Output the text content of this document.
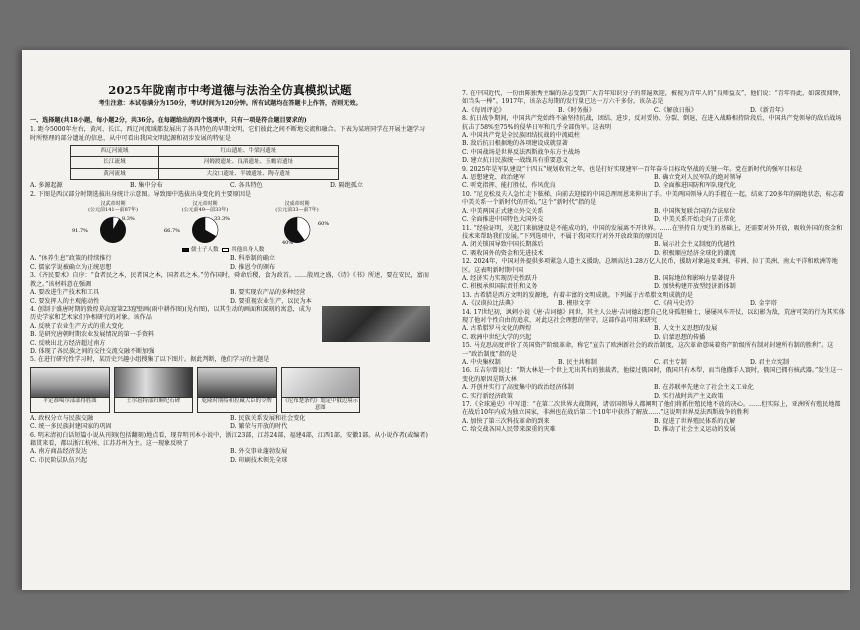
2025年陇南市中考道德与法治全仿真模拟试题
考生注意：本试卷满分为150分，考试时间为120分钟。所有试题均在答题卡上作答，否则无效。
一、选择题(共18小题，每小题2分，共36分。在每题给出的四个选项中，只有一项是符合题目要求的)
1. 距今5000年左右，黄河、长江、西辽河流域都发展出了各具特色的早期文明，它们彼此之间不断地交流和融合。下表为某班同学在开展主题学习时所整理的部分遗址的信息，从中可看出我国文明起源和初步发展的特征是
西辽河流域	红山遗址、牛梁河遗址
长江流域	河姆渡遗址、良渚遗址、玉蟾岩遗址
黄河流域	大汶口遗址、半坡遗址、陶寺遗址
A. 多源起源	B. 集中分布	C. 各具特色	D. 隔绝孤立
2. 下图是西汉部分时期选拔出身统计示意图。导致图中选拔出身变化的主要原因是
汉武帝时期
(公元前141—前87年)
91.7%
8.3%
汉元帝时期
(公元前49—前33年)
66.7%
33.3%
汉成帝时期
(公元前33—前7年)
60%
40%
儒士子人数 其他出身人数
A. “休养生息”政策的持续推行	B. 科举制的确立
C. 儒家学说被确立为正统思想	D. 推恩令的颁布
3.《齐民要术》自序：“食者民之本，民者国之本，国者君之本。”劳作国时，舜命后稷，食为政首。……殷周之盛，《诗》《书》所述，要在安民，富而教之。”该材料意在强调
A. 要改进生产技术和工具	B. 要实现农产品的多种经营
C. 要发挥人的主观能动性	D. 要重视农业生产，以民为本
4. 创制于盛唐时期的敦煌莫高窟第23窟壁画(雨中耕作图)(见右图)，以其生动的画面和深刻的寓意，成为历史学家和艺术家们争相研究的对象。该作品
A. 反映了农业生产方式的重大变化
B. 是研究唐朝时期农业发展情况的第一手资料
C. 反映出北方经济超过南方
D. 体现了各民族之间的交往交流交融不断加强
5. 在进行研究性学习时，某历史兴趣小组搜集了以下图片。据此判断，他们学习的主题是
平定准噶尔部部得胜图	土尔扈特部归顺纪石碑	乾隆时期绥和拉藏大臣的令牌	《尼布楚条约》划定中俄边境示意图
A. 政权分立与民族交融	B. 民族关系发展和社会变化
C. 统一多民族封建国家的巩固	D. 繁荣与开放的时代
6. 明末清初白话短篇小说从刊刻(包括翻刻)地点看，现存明刊本小说中，浙江23部，江苏24部，福建4部，江西1部，安徽1部。从小说作者(或编者)籍贯来看，都以浙江杭州、江苏苏州为主。这一现象反映了
A. 南方商品经济发达	B. 外交事业蓬勃发展
C. 市民阶层队伍兴起	D. 印刷技术领先全球
7. 在中国近代，一份由陈独秀主编的杂志受到广大青年知识分子的普遍欢迎，被视为青年人的“良师益友”，他们说：“青年得此，如深夜闻钟，如当头一棒”。1917年，该杂志每期的发行量已达一万六千多份。该杂志是
A.《每周评论》	B.《时务报》	C.《解放日报》	D.《新青年》
8. 抗日战争期间，中国共产党始终不渝坚持抗战，团结、进步，反对妥协、分裂、倒退，在进入战略相持阶段后，中国共产党领导的敌后战场抗击了58%至75%的侵华日军和几乎全部伪军。这表明
A. 中国共产党是全民族团结抗战的中流砥柱
B. 敌后抗日根据地的各项建设成就显著
C. 中国战场是世界反法西斯战争东方主战场
D. 建立抗日民族统一战线具有重要意义
9. 2025年是军队建设“十四五”规划收官之年，也是打好实现建军一百年奋斗目标攻坚战的关键一年。党在新时代的强军目标是
A. 思想建党、政治建军	B. 确立党对人民军队的绝对领导
C. 听党指挥、能打胜仗、作风优良	D. 全面推进国防和军队现代化
10. “尼克松及夫人急忙走下舷梯，向前去迎接的中国总理周恩来伸出了手。中美两国领导人的手握在一起，结束了20多年的隔绝状态，标志着中美关系一个新时代的开始。”这个“新时代”指的是
A. 中美两国正式建立外交关系	B. 中国恢复联合国的合法席位
C. 全面推进中国特色大国外交	D. 中美关系开始走向了正常化
11. “经验证明，关起门来搞建设是不能成功的，中国的发展离不开世界。……在坚持自力更生的基础上，还需要对外开放，吸收外国的资金和技术来帮助我们发展。”下列选项中，不属于我国实行对外开放政策的原因是
A. 闭关锁国导致中国长期落后	B. 展示社会主义制度的优越性
C. 吸收国外的资金和先进技术	D. 积极顺应经济全球化的潮流
12. 2024年，中国对外提供多项紧急人道主义援助，总额高达1.28万亿人民币，援助对象遍及亚洲、非洲、拉丁美洲、南太平洋和欧洲等地区。这表明新时期中国
A. 经济实力实现历史性跃升	B. 国际地位和影响力显著提升
C. 积极承担国际责任和义务	D. 加快构建开放型经济新体制
13. 古希腊是西方文明的发源地，有着丰富的文明成就。下列属于古希腊文明成就的是
A.《汉谟拉比法典》	B. 楔形文字	C.《荷马史诗》	D. 金字塔
14. 17世纪初，讽刺小说《唐·吉诃德》问世，其主人公唐·吉诃德幻想自己化身孤胆骑士，屡屡风车开仗，以幻影为敌，荒唐可笑的行为其实体现了他对个性自由的追求，对此这社会理想的坚守。这部作品可用来研究
A. 古希腊罗马文化的辉煌	B. 人文主义思想的发展
C. 欧洲中世纪大学的兴起	D. 启蒙思想的传播
15. 马克思高度评价了英国资产阶级革命，称它“宣告了欧洲新社会的政治制度，这次革命意味着资产阶级所有制对封建所有制的胜利”。这一“政治制度”指的是
A. 中央集权制	B. 民主共和制	C. 君主专制	D. 君主立宪制
16. 丘吉尔曾说过：“斯大林是一个世上无出其右的独裁者，他接过俄国时，俄国只有木犁，而当他撒手人寰时，俄国已拥有核武器。”发生这一变化的原因是斯大林
A. 开创并实行了高度集中的政治经济体制	B. 在苏联率先建立了社会主义工业化
C. 实行新经济政策	D. 实行战时共产主义政策
17.《全球通史》中写道：“在第二次世界大战期间，诸帝国领导人都阐明了他们将抓住殖民地不放的决心。……但实际上，亚洲所有殖民地都在战后10年内成为独立国家，非洲也在战后第二个10年中获得了解放……”这说明世界反法西斯战争的胜利
A. 加快了第三次科技革命的到来	B. 促进了世界殖民体系的瓦解
C. 给交战各国人民带来深重的灾难	D. 推动了社会主义运动的发展
